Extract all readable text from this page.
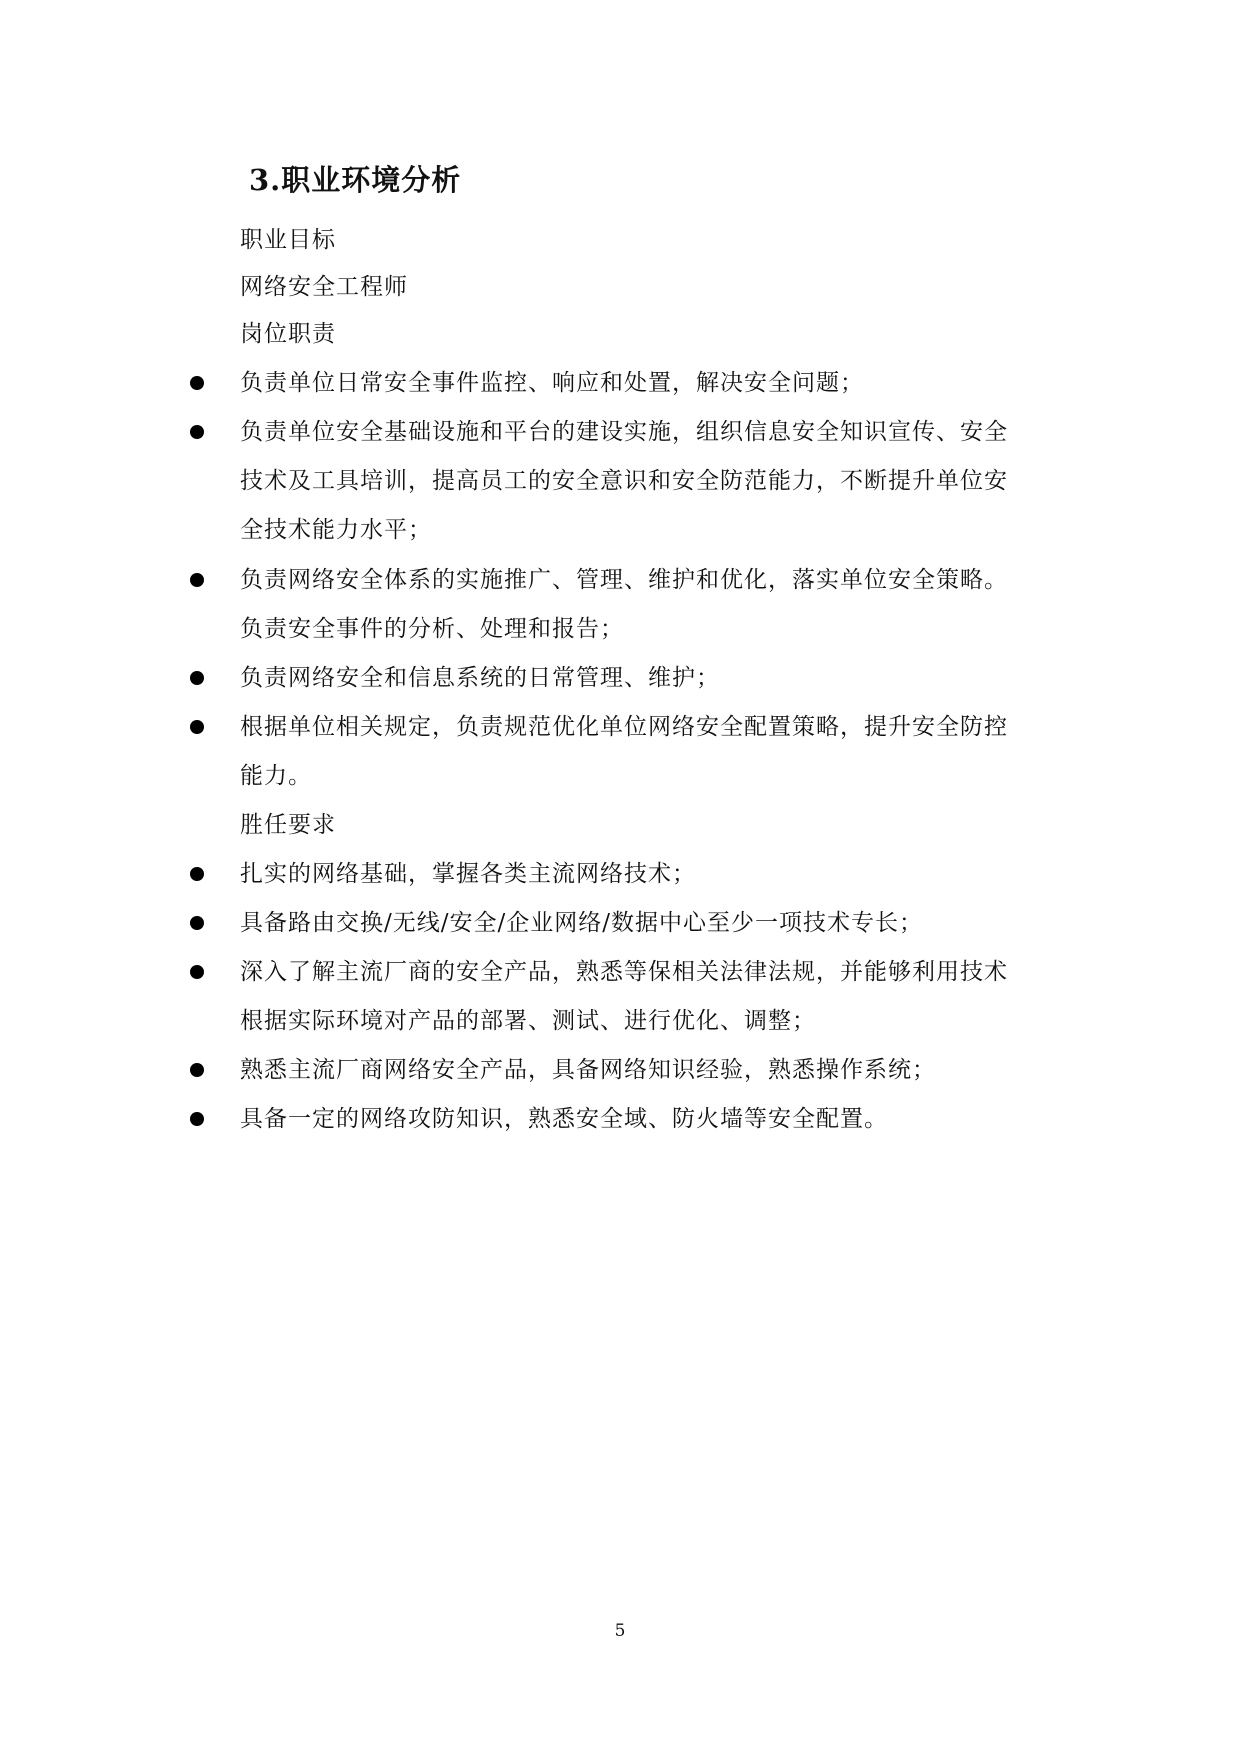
3.职业环境分析
职业目标
网络安全工程师
岗位职责
负责单位日常安全事件监控、响应和处置，解决安全问题；
负责单位安全基础设施和平台的建设实施，组织信息安全知识宣传、安全
技术及工具培训，提高员工的安全意识和安全防范能力，不断提升单位安
全技术能力水平；
负责网络安全体系的实施推广、管理、维护和优化，落实单位安全策略。
负责安全事件的分析、处理和报告；
负责网络安全和信息系统的日常管理、维护；
根据单位相关规定，负责规范优化单位网络安全配置策略，提升安全防控
能力。
胜任要求
扎实的网络基础，掌握各类主流网络技术；
具备路由交换/无线/安全/企业网络/数据中心至少一项技术专长；
深入了解主流厂商的安全产品，熟悉等保相关法律法规，并能够利用技术
根据实际环境对产品的部署、测试、进行优化、调整；
熟悉主流厂商网络安全产品，具备网络知识经验，熟悉操作系统；
具备一定的网络攻防知识，熟悉安全域、防火墙等安全配置。
5
